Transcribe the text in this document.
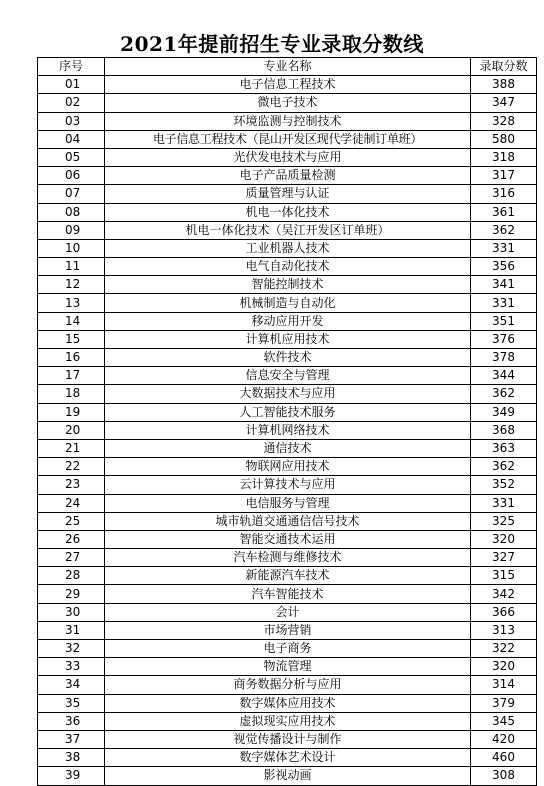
2021年提前招生专业录取分数线
序号	专业名称	录取分数
01	电子信息工程技术	388
02	微电子技术	347
03	环境监测与控制技术	328
04	电子信息工程技术（昆山开发区现代学徒制订单班）	580
05	光伏发电技术与应用	318
06	电子产品质量检测	317
07	质量管理与认证	316
08	机电一体化技术	361
09	机电一体化技术（吴江开发区订单班）	362
10	工业机器人技术	331
11	电气自动化技术	356
12	智能控制技术	341
13	机械制造与自动化	331
14	移动应用开发	351
15	计算机应用技术	376
16	软件技术	378
17	信息安全与管理	344
18	大数据技术与应用	362
19	人工智能技术服务	349
20	计算机网络技术	368
21	通信技术	363
22	物联网应用技术	362
23	云计算技术与应用	352
24	电信服务与管理	331
25	城市轨道交通通信信号技术	325
26	智能交通技术运用	320
27	汽车检测与维修技术	327
28	新能源汽车技术	315
29	汽车智能技术	342
30	会计	366
31	市场营销	313
32	电子商务	322
33	物流管理	320
34	商务数据分析与应用	314
35	数字媒体应用技术	379
36	虚拟现实应用技术	345
37	视觉传播设计与制作	420
38	数字媒体艺术设计	460
39	影视动画	308
